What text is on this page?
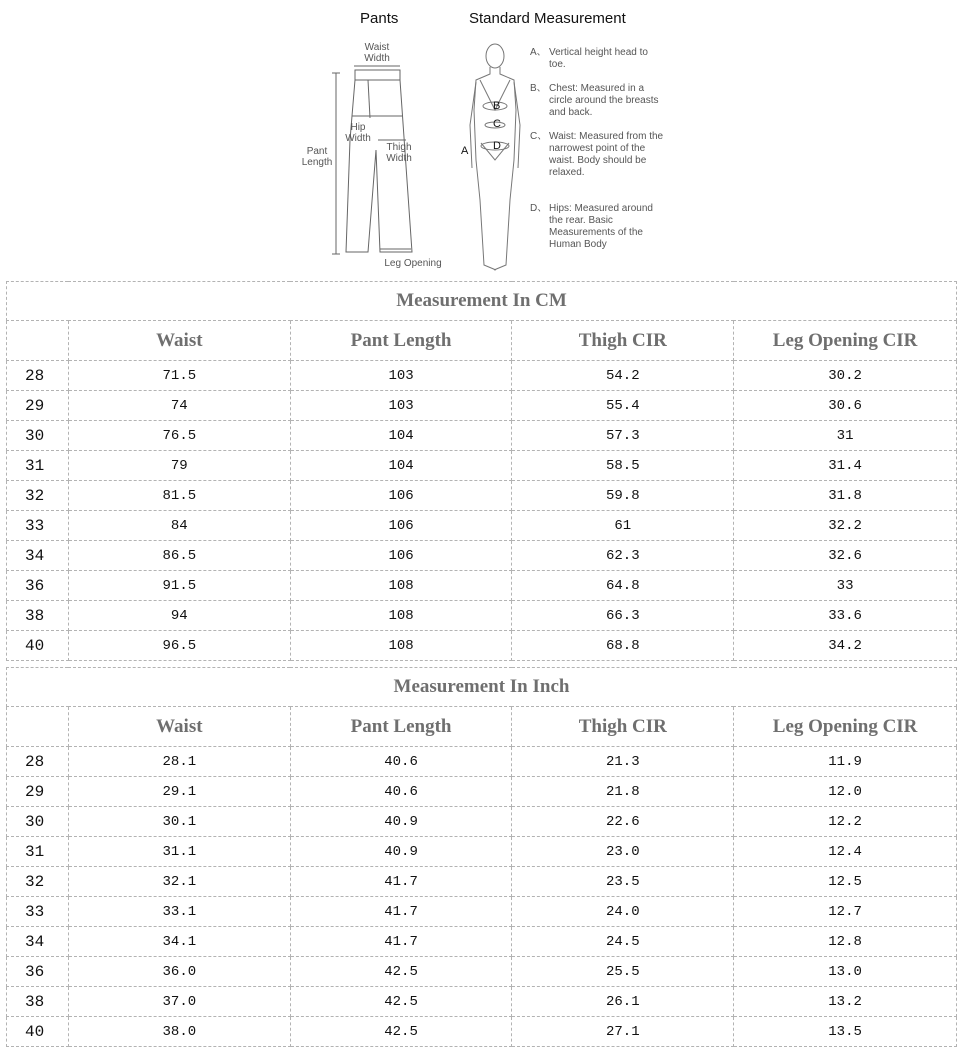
Pants	Standard Measurement
Waist
Width
Hip
Width
Thigh
Width
Pant
Length
Leg Opening
A
B
C
D
A、 Vertical height head to toe.
B、 Chest: Measured in a circle around the breasts and back.
C、 Waist: Measured from the narrowest point of the waist. Body should be relaxed.
D、 Hips: Measured around the rear. Basic Measurements of the Human Body
Measurement In CM				
	Waist	Pant Length	Thigh CIR	Leg Opening CIR
28	71.5	103	54.2	30.2
29	74	103	55.4	30.6
30	76.5	104	57.3	31
31	79	104	58.5	31.4
32	81.5	106	59.8	31.8
33	84	106	61	32.2
34	86.5	106	62.3	32.6
36	91.5	108	64.8	33
38	94	108	66.3	33.6
40	96.5	108	68.8	34.2
Measurement In Inch				
	Waist	Pant Length	Thigh CIR	Leg Opening CIR
28	28.1	40.6	21.3	11.9
29	29.1	40.6	21.8	12.0
30	30.1	40.9	22.6	12.2
31	31.1	40.9	23.0	12.4
32	32.1	41.7	23.5	12.5
33	33.1	41.7	24.0	12.7
34	34.1	41.7	24.5	12.8
36	36.0	42.5	25.5	13.0
38	37.0	42.5	26.1	13.2
40	38.0	42.5	27.1	13.5
